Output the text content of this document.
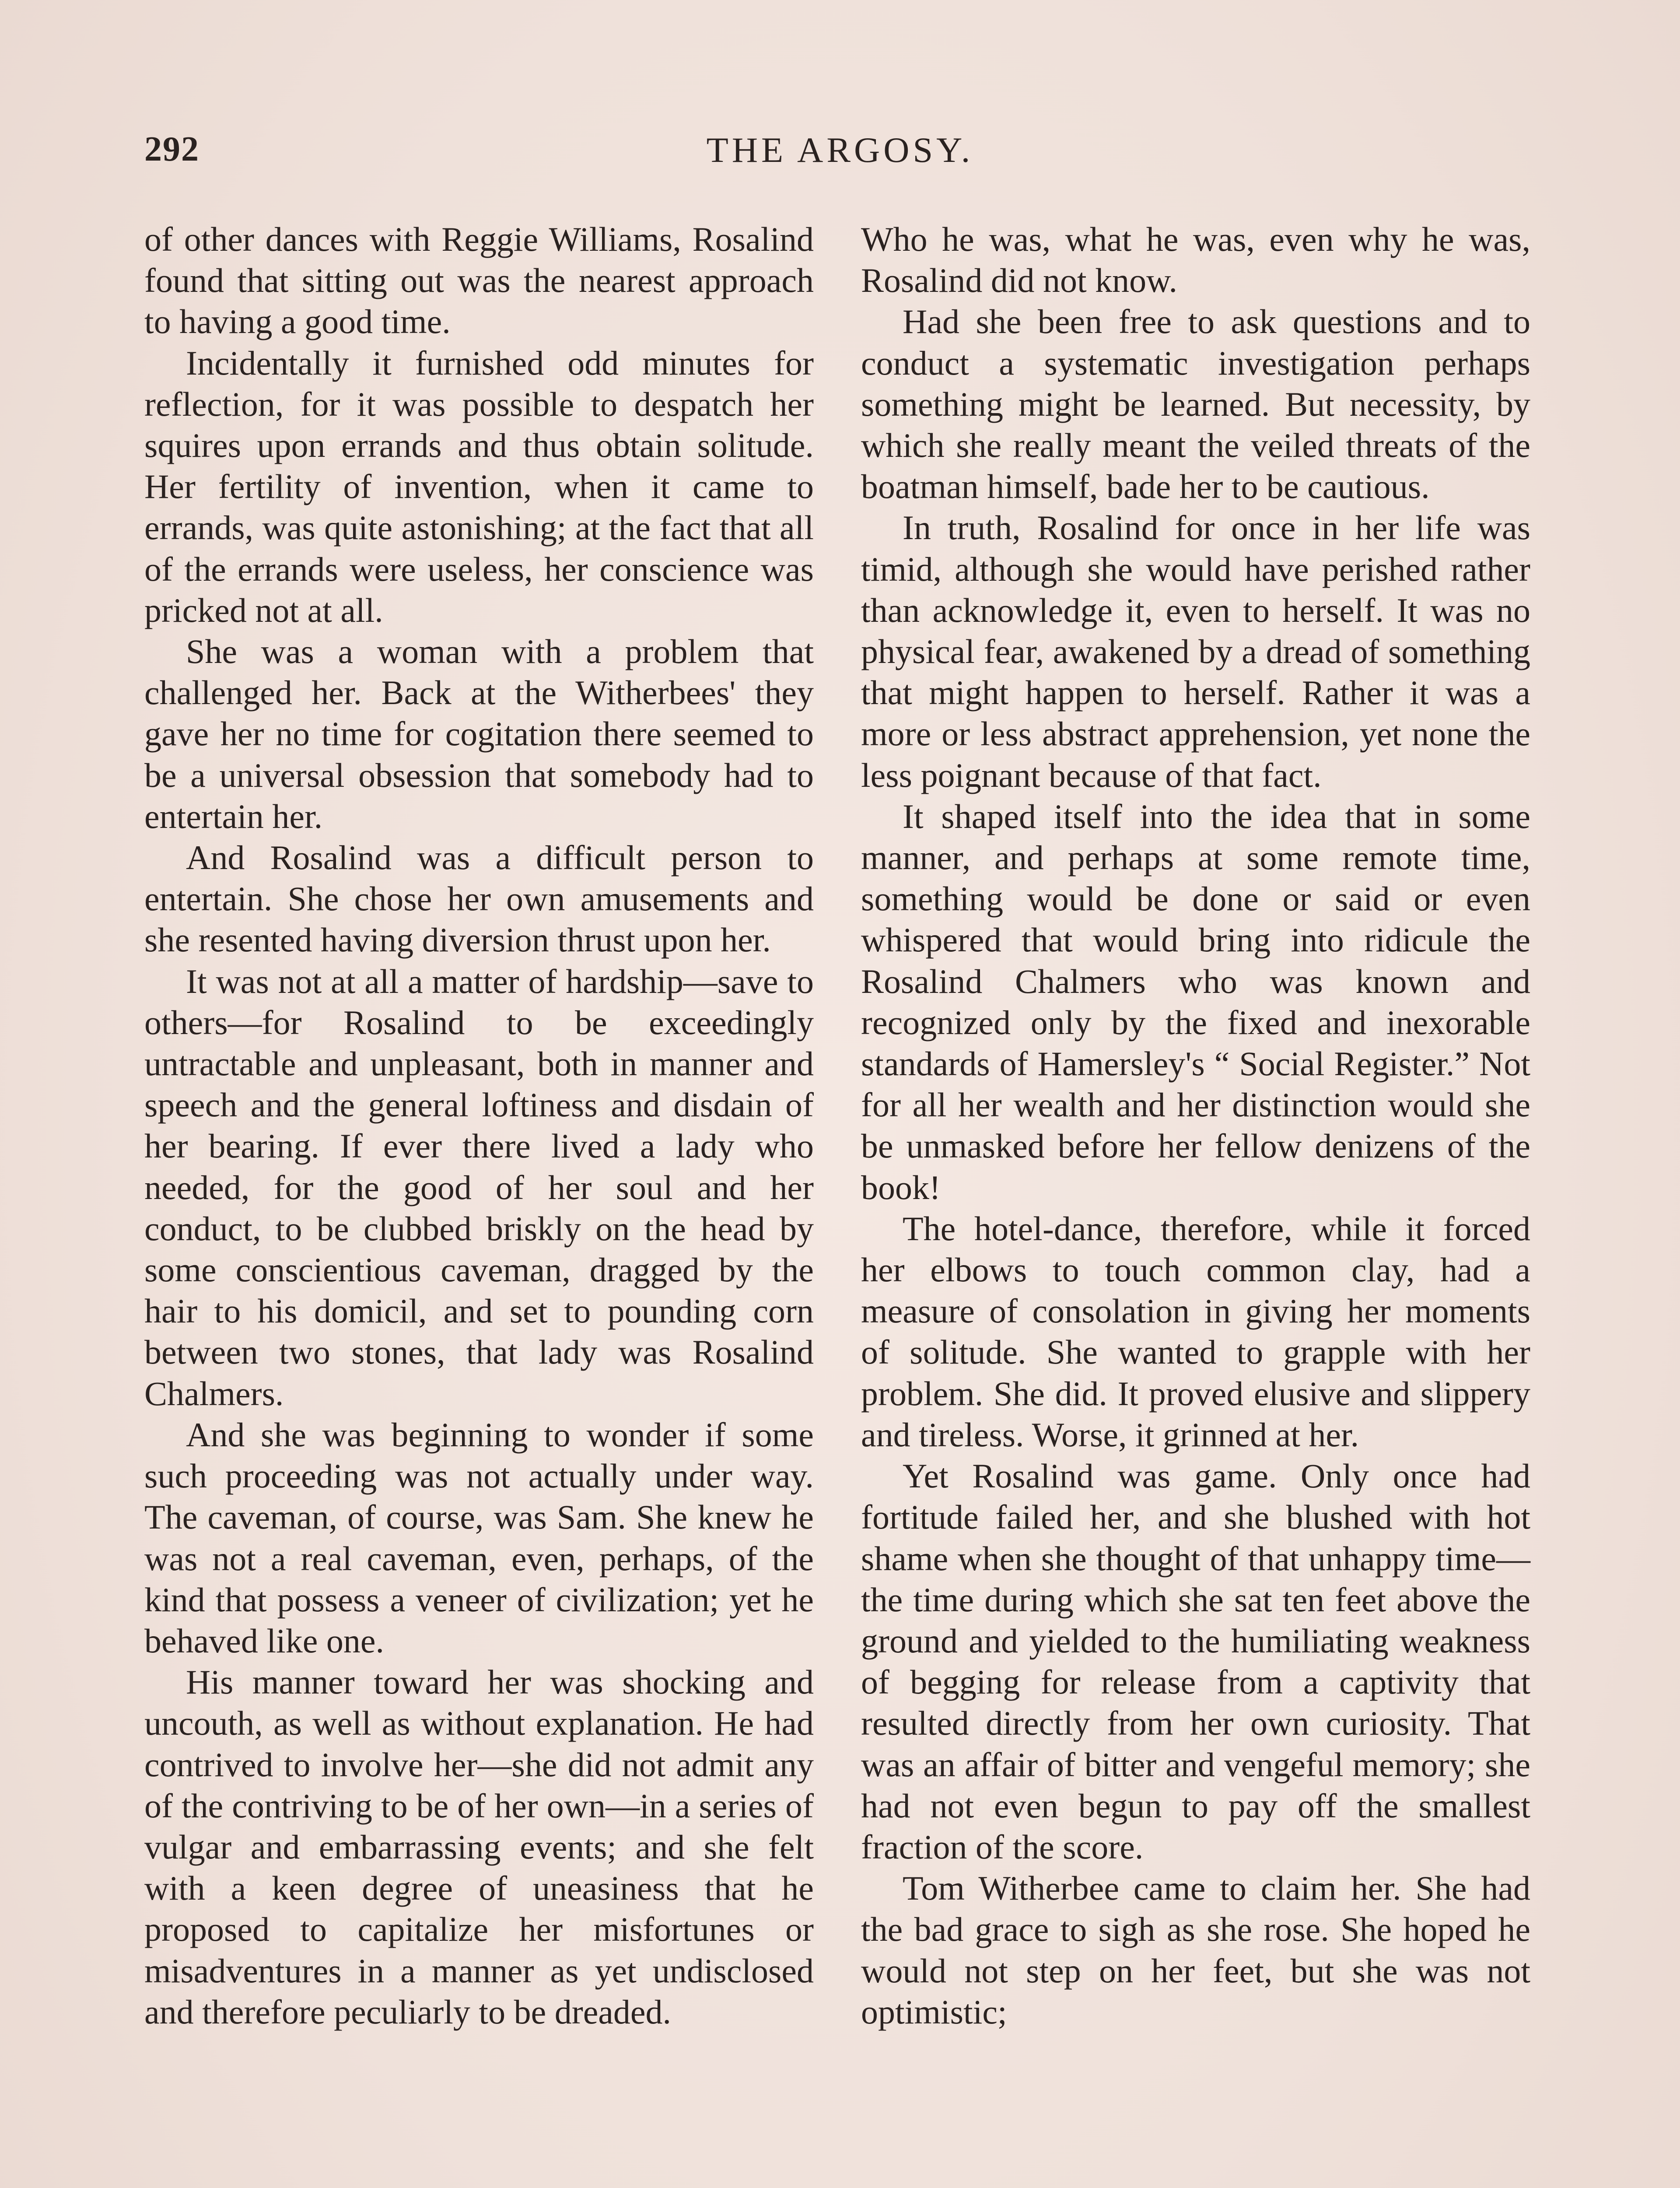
292	THE ARGOSY.

of other dances with Reggie Williams, Rosalind found that sitting out was the nearest approach to having a good time.

Incidentally it furnished odd minutes for reflection, for it was possible to despatch her squires upon errands and thus obtain solitude. Her fertility of invention, when it came to errands, was quite astonishing; at the fact that all of the errands were useless, her conscience was pricked not at all.

She was a woman with a problem that challenged her. Back at the Witherbees' they gave her no time for cogitation there seemed to be a universal obsession that somebody had to entertain her.

And Rosalind was a difficult person to entertain. She chose her own amusements and she resented having diversion thrust upon her.

It was not at all a matter of hardship—save to others—for Rosalind to be exceedingly untractable and unpleasant, both in manner and speech and the general loftiness and disdain of her bearing. If ever there lived a lady who needed, for the good of her soul and her conduct, to be clubbed briskly on the head by some conscientious caveman, dragged by the hair to his domicil, and set to pounding corn between two stones, that lady was Rosalind Chalmers.

And she was beginning to wonder if some such proceeding was not actually under way. The caveman, of course, was Sam. She knew he was not a real caveman, even, perhaps, of the kind that possess a veneer of civilization; yet he behaved like one.

His manner toward her was shocking and uncouth, as well as without explanation. He had contrived to involve her—she did not admit any of the contriving to be of her own—in a series of vulgar and embarrassing events; and she felt with a keen degree of uneasiness that he proposed to capitalize her misfortunes or misadventures in a manner as yet undisclosed and therefore peculiarly to be dreaded.

Who he was, what he was, even why he was, Rosalind did not know.

Had she been free to ask questions and to conduct a systematic investigation perhaps something might be learned. But necessity, by which she really meant the veiled threats of the boatman himself, bade her to be cautious.

In truth, Rosalind for once in her life was timid, although she would have perished rather than acknowledge it, even to herself. It was no physical fear, awakened by a dread of something that might happen to herself. Rather it was a more or less abstract apprehension, yet none the less poignant because of that fact.

It shaped itself into the idea that in some manner, and perhaps at some remote time, something would be done or said or even whispered that would bring into ridicule the Rosalind Chalmers who was known and recognized only by the fixed and inexorable standards of Hamersley's “ Social Register.” Not for all her wealth and her distinction would she be unmasked before her fellow denizens of the book!

The hotel-dance, therefore, while it forced her elbows to touch common clay, had a measure of consolation in giving her moments of solitude. She wanted to grapple with her problem. She did. It proved elusive and slippery and tireless. Worse, it grinned at her.

Yet Rosalind was game. Only once had fortitude failed her, and she blushed with hot shame when she thought of that unhappy time—the time during which she sat ten feet above the ground and yielded to the humiliating weakness of begging for release from a captivity that resulted directly from her own curiosity. That was an affair of bitter and vengeful memory; she had not even begun to pay off the smallest fraction of the score.

Tom Witherbee came to claim her. She had the bad grace to sigh as she rose. She hoped he would not step on her feet, but she was not optimistic;
